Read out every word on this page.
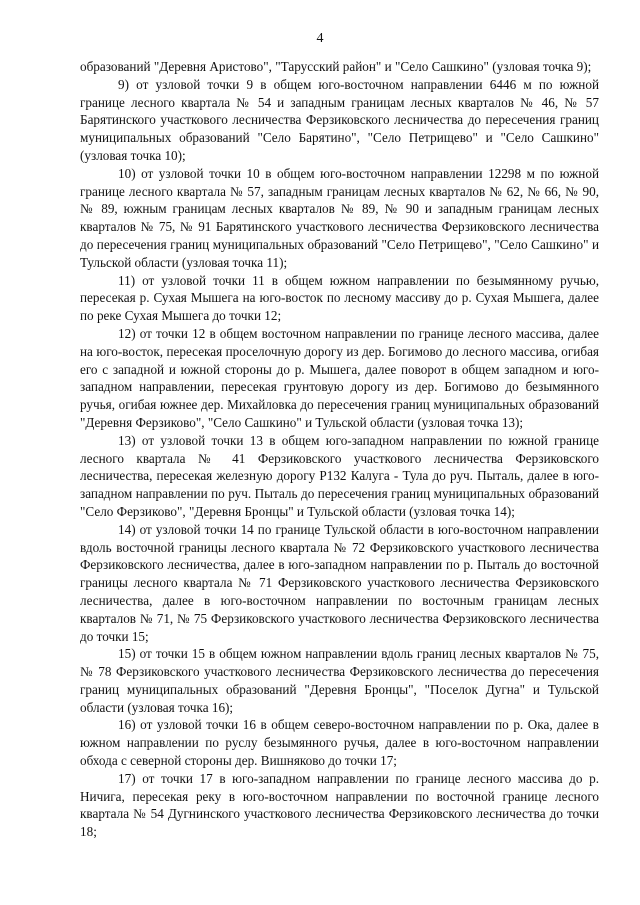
4

образований "Деревня Аристово", "Тарусский район" и "Село Сашкино" (узловая точка 9);

9) от узловой точки 9 в общем юго-восточном направлении 6446 м по южной границе лесного квартала № 54 и западным границам лесных кварталов № 46, № 57 Барятинского участкового лесничества Ферзиковского лесничества до пересечения границ муниципальных образований "Село Барятино", "Село Петрищево" и "Село Сашкино" (узловая точка 10);

10) от узловой точки 10 в общем юго-восточном направлении 12298 м по южной границе лесного квартала № 57, западным границам лесных кварталов № 62, № 66, № 90, № 89, южным границам лесных кварталов № 89, № 90 и западным границам лесных кварталов № 75, № 91 Барятинского участкового лесничества Ферзиковского лесничества до пересечения границ муниципальных образований "Село Петрищево", "Село Сашкино" и Тульской области (узловая точка 11);

11) от узловой точки 11 в общем южном направлении по безымянному ручью, пересекая р. Сухая Мышега на юго-восток по лесному массиву до р. Сухая Мышега, далее по реке Сухая Мышега до точки 12;

12) от точки 12 в общем восточном направлении по границе лесного массива, далее на юго-восток, пересекая проселочную дорогу из дер. Богимово до лесного массива, огибая его с западной и южной стороны до р. Мышега, далее поворот в общем западном и юго-западном направлении, пересекая грунтовую дорогу из дер. Богимово до безымянного ручья, огибая южнее дер. Михайловка до пересечения границ муниципальных образований "Деревня Ферзиково", "Село Сашкино" и Тульской области (узловая точка 13);

13) от узловой точки 13 в общем юго-западном направлении по южной границе лесного квартала № 41 Ферзиковского участкового лесничества Ферзиковского лесничества, пересекая железную дорогу Р132 Калуга - Тула до руч. Пыталь, далее в юго-западном направлении по руч. Пыталь до пересечения границ муниципальных образований "Село Ферзиково", "Деревня Бронцы" и Тульской области (узловая точка 14);

14) от узловой точки 14 по границе Тульской области в юго-восточном направлении вдоль восточной границы лесного квартала № 72 Ферзиковского участкового лесничества Ферзиковского лесничества, далее в юго-западном направлении по р. Пыталь до восточной границы лесного квартала № 71 Ферзиковского участкового лесничества Ферзиковского лесничества, далее в юго-восточном направлении по восточным границам лесных кварталов № 71, № 75 Ферзиковского участкового лесничества Ферзиковского лесничества до точки 15;

15) от точки 15 в общем южном направлении вдоль границ лесных кварталов № 75, № 78 Ферзиковского участкового лесничества Ферзиковского лесничества до пересечения границ муниципальных образований "Деревня Бронцы", "Поселок Дугна" и Тульской области (узловая точка 16);

16) от узловой точки 16 в общем северо-восточном направлении по р. Ока, далее в южном направлении по руслу безымянного ручья, далее в юго-восточном направлении обхода с северной стороны дер. Вишняково до точки 17;

17) от точки 17 в юго-западном направлении по границе лесного массива до р. Ничига, пересекая реку в юго-восточном направлении по восточной границе лесного квартала № 54 Дугнинского участкового лесничества Ферзиковского лесничества до точки 18;
